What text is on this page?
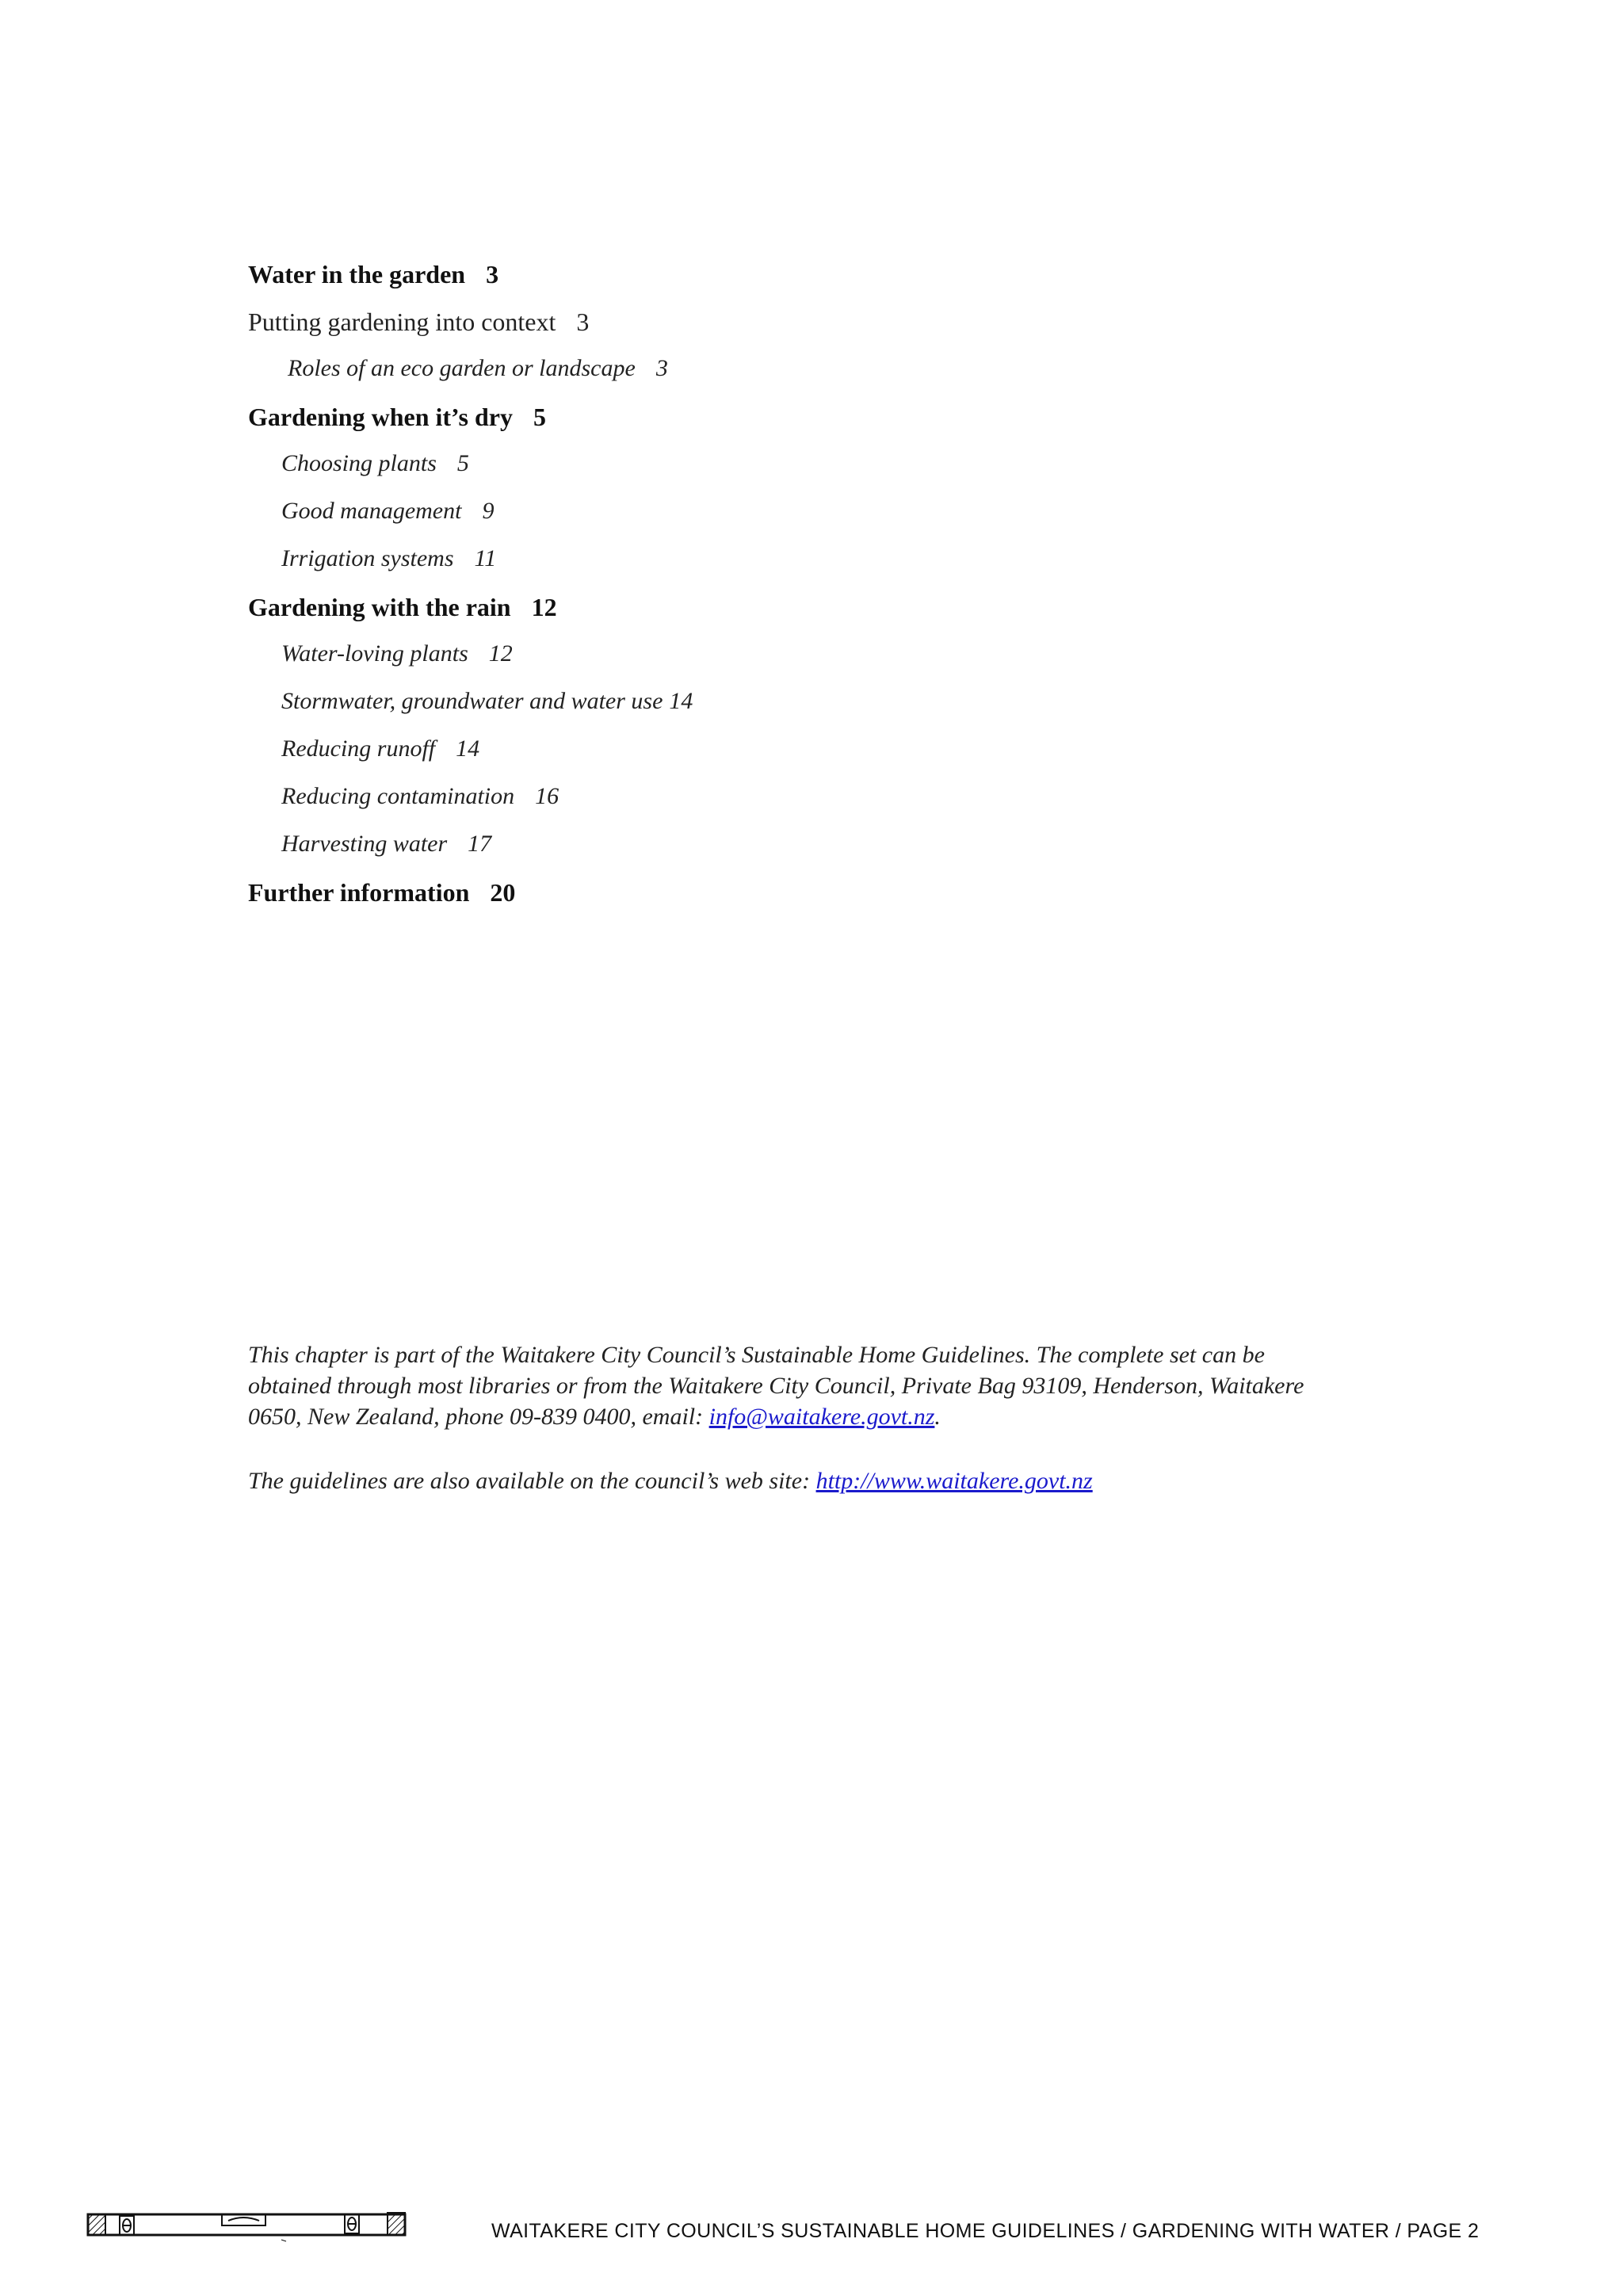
Water in the garden 3
Putting gardening into context 3
Roles of an eco garden or landscape 3
Gardening when it’s dry 5
Choosing plants 5
Good management 9
Irrigation systems 11
Gardening with the rain 12
Water-loving plants 12
Stormwater, groundwater and water use 14
Reducing runoff 14
Reducing contamination 16
Harvesting water 17
Further information 20
This chapter is part of the Waitakere City Council’s Sustainable Home Guidelines. The complete set can be obtained through most libraries or from the Waitakere City Council, Private Bag 93109, Henderson, Waitakere 0650, New Zealand, phone 09-839 0400, email: info@waitakere.govt.nz.
The guidelines are also available on the council’s web site: http://www.waitakere.govt.nz
WAITAKERE CITY COUNCIL’S SUSTAINABLE HOME GUIDELINES / GARDENING WITH WATER / PAGE 2
